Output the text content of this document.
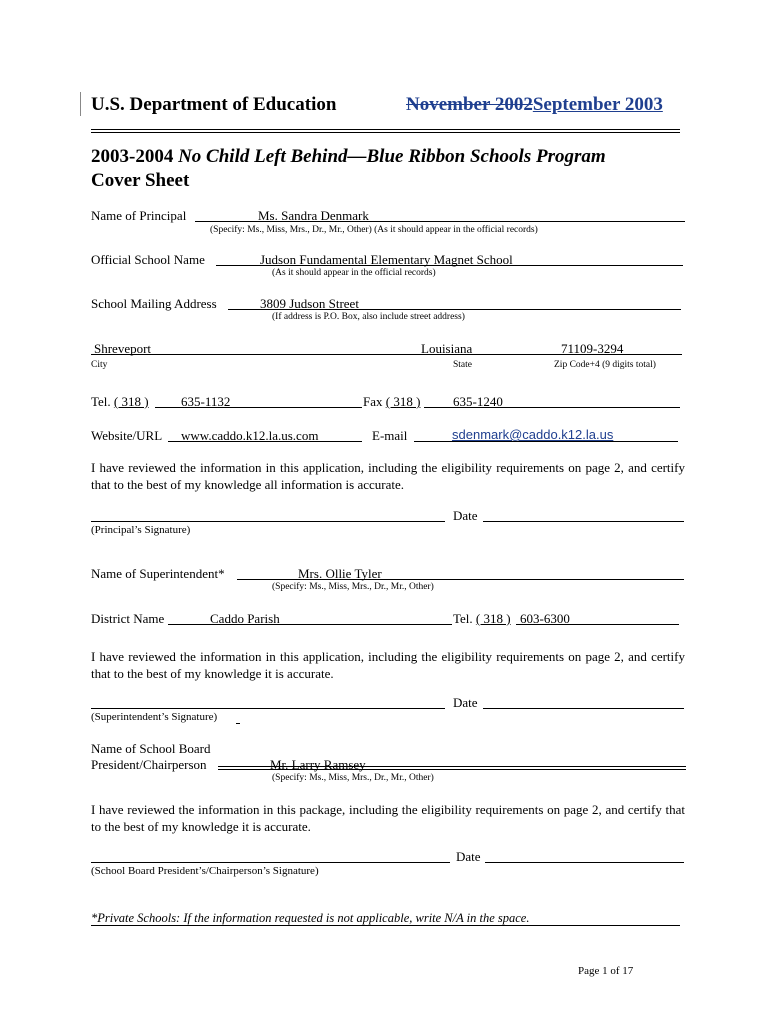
U.S. Department of Education	November 2002September 2003
2003-2004 No Child Left Behind—Blue Ribbon Schools Program
Cover Sheet
Name of Principal	Ms. Sandra Denmark
(Specify: Ms., Miss, Mrs., Dr., Mr., Other) (As it should appear in the official records)
Official School Name	Judson Fundamental Elementary Magnet School
(As it should appear in the official records)
School Mailing Address	3809 Judson Street
(If address is P.O. Box, also include street address)
Shreveport	Louisiana	71109-3294
City	State	Zip Code+4 (9 digits total)
Tel. ( 318 ) 635-1132	Fax ( 318 )	635-1240
Website/URL www.caddo.k12.la.us.com	E-mail	sdenmark@caddo.k12.la.us
I have reviewed the information in this application, including the eligibility requirements on page 2, and certify that to the best of my knowledge all information is accurate.
Date
(Principal’s Signature)
Name of Superintendent*	Mrs. Ollie Tyler
(Specify: Ms., Miss, Mrs., Dr., Mr., Other)
District Name	Caddo Parish	Tel. ( 318 ) 603-6300
I have reviewed the information in this application, including the eligibility requirements on page 2, and certify that to the best of my knowledge it is accurate.
Date
(Superintendent’s Signature)
Name of School Board
President/Chairperson	Mr. Larry Ramsey
(Specify: Ms., Miss, Mrs., Dr., Mr., Other)
I have reviewed the information in this package, including the eligibility requirements on page 2, and certify that to the best of my knowledge it is accurate.
Date
(School Board President’s/Chairperson’s Signature)
*Private Schools: If the information requested is not applicable, write N/A in the space.
Page 1 of 17
